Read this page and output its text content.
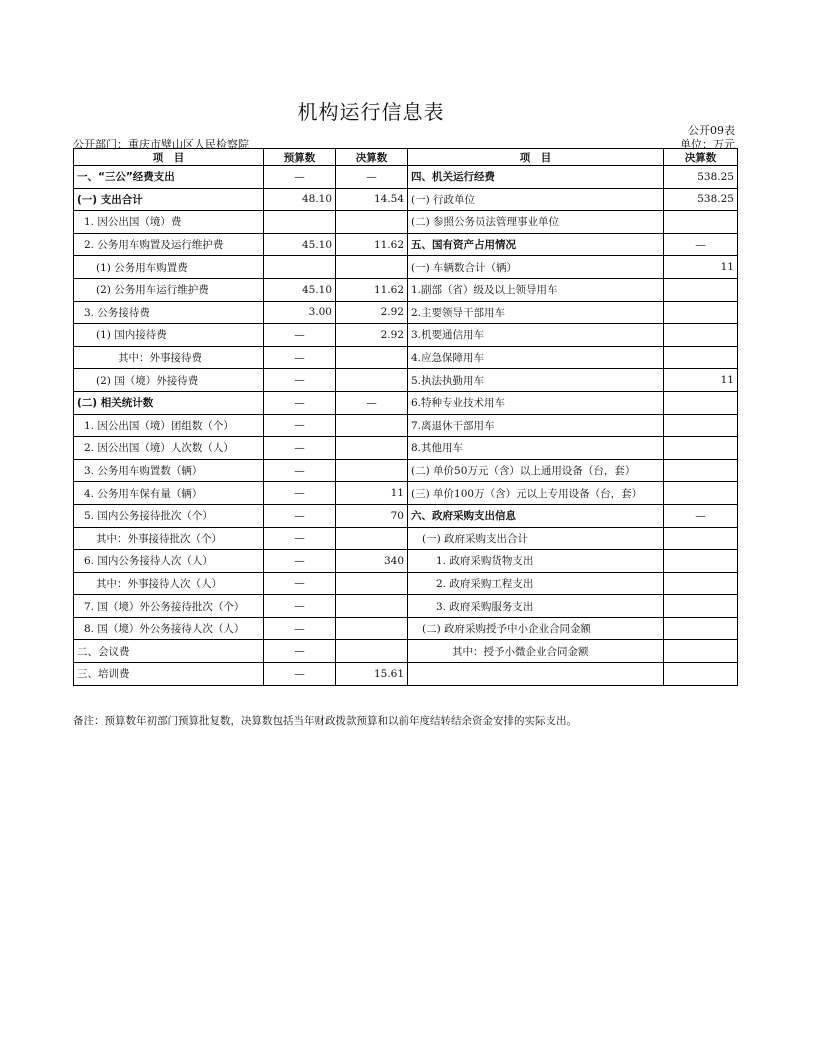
机构运行信息表
公开09表
公开部门：重庆市璧山区人民检察院	单位：万元
项　目	预算数	决算数	项　目	决算数
一、“三公”经费支出	—	—	四、机关运行经费	538.25
(一) 支出合计	48.10	14.54	(一) 行政单位	538.25
1. 因公出国（境）费			(二) 参照公务员法管理事业单位	
2. 公务用车购置及运行维护费	45.10	11.62	五、国有资产占用情况	—
(1) 公务用车购置费			(一) 车辆数合计（辆）	11
(2) 公务用车运行维护费	45.10	11.62	1.副部（省）级及以上领导用车	
3. 公务接待费	3.00	2.92	2.主要领导干部用车	
(1) 国内接待费	—	2.92	3.机要通信用车	
其中：外事接待费	—		4.应急保障用车	
(2) 国（境）外接待费	—		5.执法执勤用车	11
(二) 相关统计数	—	—	6.特种专业技术用车	
1. 因公出国（境）团组数（个）	—		7.离退休干部用车	
2. 因公出国（境）人次数（人）	—		8.其他用车	
3. 公务用车购置数（辆）	—		(二) 单价50万元（含）以上通用设备（台，套）	
4. 公务用车保有量（辆）	—	11	(三) 单价100万（含）元以上专用设备（台，套）	
5. 国内公务接待批次（个）	—	70	六、政府采购支出信息	—
其中：外事接待批次（个）	—		(一) 政府采购支出合计	
6. 国内公务接待人次（人）	—	340	1. 政府采购货物支出	
其中：外事接待人次（人）	—		2. 政府采购工程支出	
7. 国（境）外公务接待批次（个）	—		3. 政府采购服务支出	
8. 国（境）外公务接待人次（人）	—		(二) 政府采购授予中小企业合同金额	
二、会议费	—		其中：授予小微企业合同金额	
三、培训费	—	15.61		
备注：预算数年初部门预算批复数，决算数包括当年财政拨款预算和以前年度结转结余资金安排的实际支出。
